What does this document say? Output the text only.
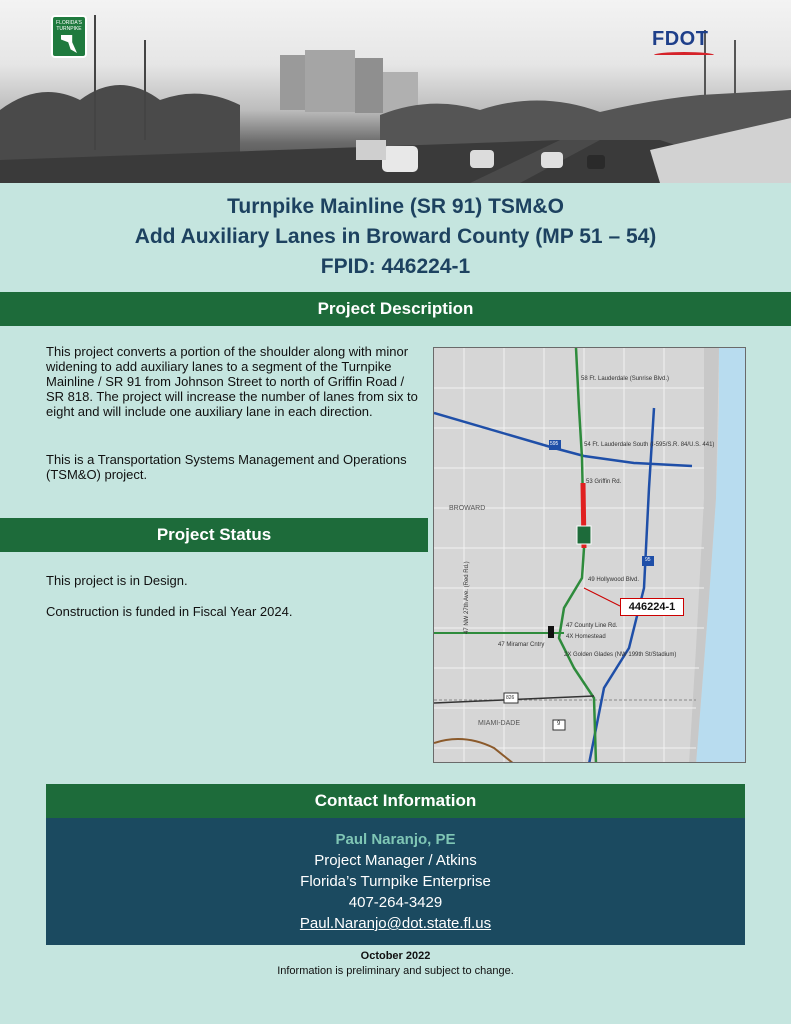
FLORIDA'S TURNPIKE	FDOT
Turnpike Mainline (SR 91) TSM&O
Add Auxiliary Lanes in Broward County (MP 51 – 54)
FPID: 446224-1
Project Description
This project converts a portion of the shoulder along with minor widening to add auxiliary lanes to a segment of the Turnpike Mainline / SR 91 from Johnson Street to north of Griffin Road / SR 818. The project will increase the number of lanes from six to eight and will include one auxiliary lane in each direction.
This is a Transportation Systems Management and Operations (TSM&O) project.
Project Status
This project is in Design.
Construction is funded in Fiscal Year 2024.
58 Ft. Lauderdale (Sunrise Blvd.)
54 Ft. Lauderdale South (I-595/S.R. 84/U.S. 441)
53 Griffin Rd.
49 Hollywood Blvd.
47 County Line Rd.
4X Homestead
47 Miramar Cntry
2X Golden Glades (NW 199th St/Stadium)
47 NW 27th Ave. (Red Rd.)
595
95
826
9
BROWARD
MIAMI-DADE
446224-1
Contact Information
Paul Naranjo, PE
Project Manager / Atkins
Florida’s Turnpike Enterprise
407-264-3429
Paul.Naranjo@dot.state.fl.us
October 2022
Information is preliminary and subject to change.
